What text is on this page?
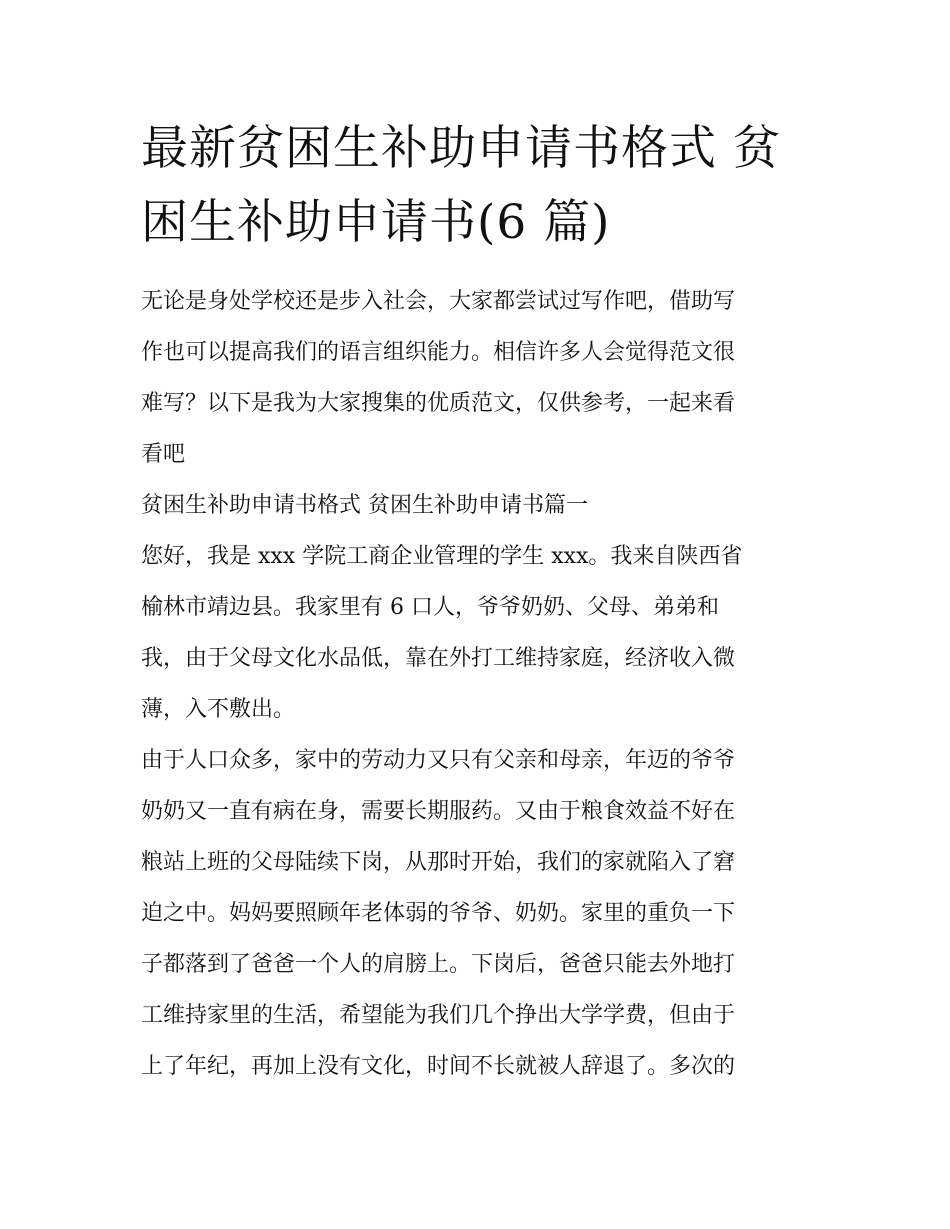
最新贫困生补助申请书格式 贫
困生补助申请书(6 篇)

无论是身处学校还是步入社会，大家都尝试过写作吧，借助写
作也可以提高我们的语言组织能力。相信许多人会觉得范文很
难写？以下是我为大家搜集的优质范文，仅供参考，一起来看
看吧

贫困生补助申请书格式 贫困生补助申请书篇一

您好，我是 xxx 学院工商企业管理的学生 xxx。我来自陕西省
榆林市靖边县。我家里有 6 口人，爷爷奶奶、父母、弟弟和
我，由于父母文化水品低，靠在外打工维持家庭，经济收入微
薄，入不敷出。

由于人口众多，家中的劳动力又只有父亲和母亲，年迈的爷爷
奶奶又一直有病在身，需要长期服药。又由于粮食效益不好在
粮站上班的父母陆续下岗，从那时开始，我们的家就陷入了窘
迫之中。妈妈要照顾年老体弱的爷爷、奶奶。家里的重负一下
子都落到了爸爸一个人的肩膀上。下岗后，爸爸只能去外地打
工维持家里的生活，希望能为我们几个挣出大学学费，但由于
上了年纪，再加上没有文化，时间不长就被人辞退了。多次的
